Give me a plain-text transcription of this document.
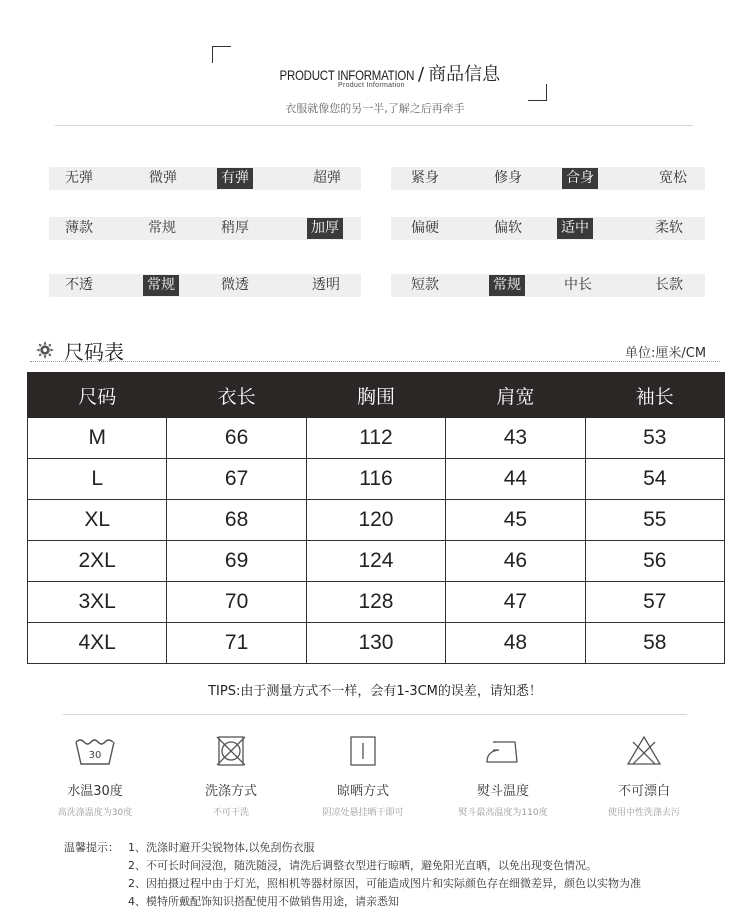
PRODUCT INFORMATION / 商品信息
Product Information
衣服就像您的另一半,了解之后再牵手
无弹	微弹	有弹	超弹	紧身	修身	合身	宽松
薄款	常规	稍厚	加厚	偏硬	偏软	适中	柔软
不透	常规	微透	透明	短款	常规	中长	长款
尺码表	单位:厘米/CM
尺码	衣长	胸围	肩宽	袖长
M	66	112	43	53
L	67	116	44	54
XL	68	120	45	55
2XL	69	124	46	56
3XL	70	128	47	57
4XL	71	130	48	58
TIPS:由于测量方式不一样，会有1-3CM的误差，请知悉！
30
水温30度
高洗涤温度为30度
洗涤方式
不可干洗
晾晒方式
阴凉处悬挂晒干即可
熨斗温度
熨斗最高温度为110度
不可漂白
使用中性洗涤去污
温馨提示： 1、洗涤时避开尖锐物体,以免刮伤衣服
2、不可长时间浸泡，随洗随浸，请洗后调整衣型进行晾晒，避免阳光直晒，以免出现变色情况。
2、因拍摄过程中由于灯光，照相机等器材原因，可能造成图片和实际颜色存在细微差异，颜色以实物为准
4、模特所戴配饰知识搭配使用不做销售用途，请亲悉知
